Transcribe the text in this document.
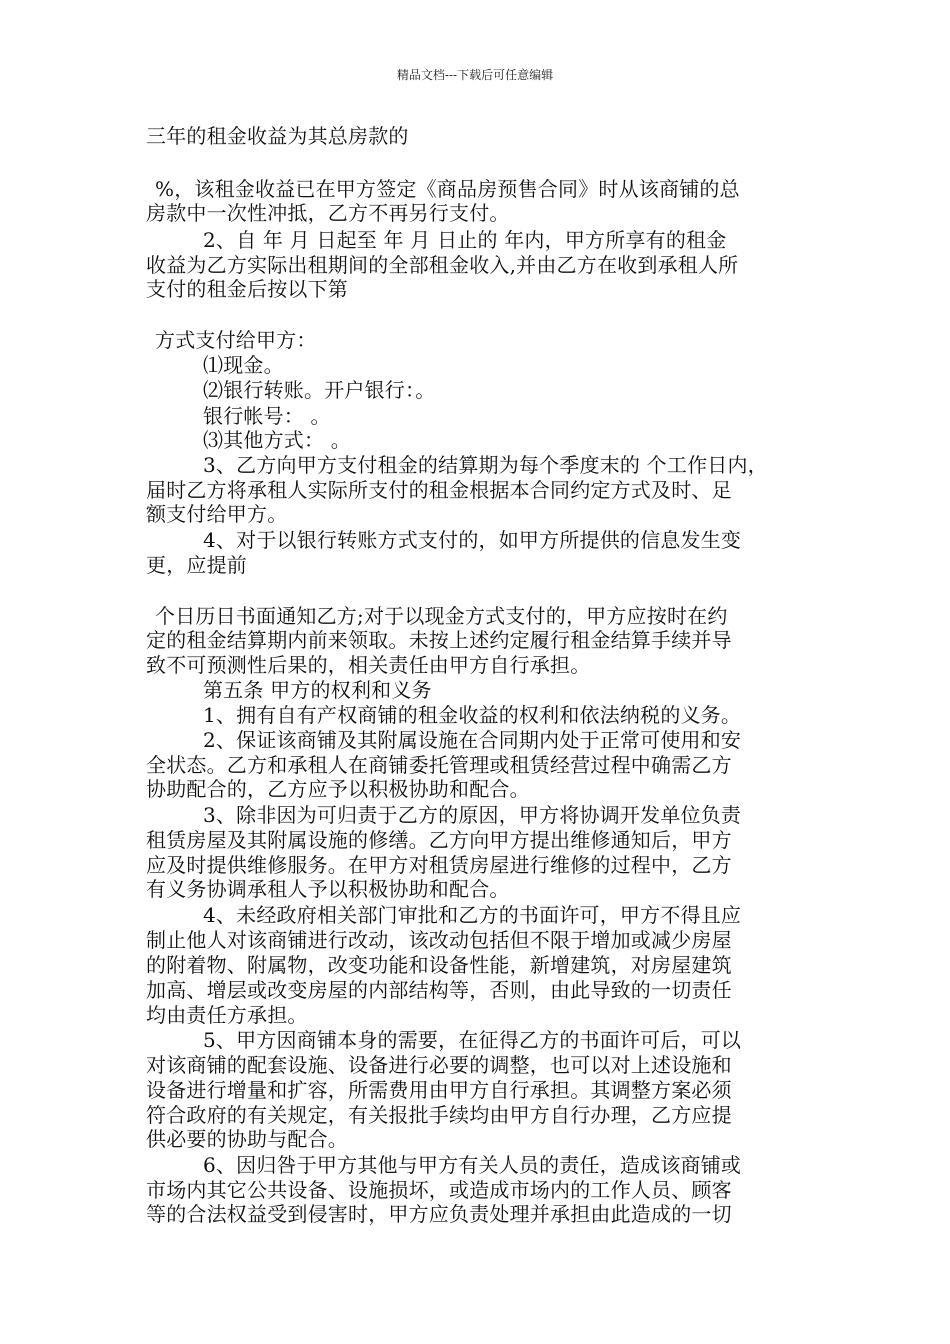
精品文档---下载后可任意编辑
三年的租金收益为其总房款的
%，该租金收益已在甲方签定《商品房预售合同》时从该商铺的总
房款中一次性冲抵，乙方不再另行支付。
2、自 年 月 日起至 年 月 日止的 年内，甲方所享有的租金
收益为乙方实际出租期间的全部租金收入,并由乙方在收到承租人所
支付的租金后按以下第
方式支付给甲方：
⑴现金。
⑵银行转账。开户银行：。
银行帐号： 。
⑶其他方式： 。
3、乙方向甲方支付租金的结算期为每个季度末的 个工作日内，
届时乙方将承租人实际所支付的租金根据本合同约定方式及时、足
额支付给甲方。
4、对于以银行转账方式支付的，如甲方所提供的信息发生变
更，应提前
个日历日书面通知乙方;对于以现金方式支付的，甲方应按时在约
定的租金结算期内前来领取。未按上述约定履行租金结算手续并导
致不可预测性后果的，相关责任由甲方自行承担。
第五条 甲方的权利和义务
1、拥有自有产权商铺的租金收益的权利和依法纳税的义务。
2、保证该商铺及其附属设施在合同期内处于正常可使用和安
全状态。乙方和承租人在商铺委托管理或租赁经营过程中确需乙方
协助配合的，乙方应予以积极协助和配合。
3、除非因为可归责于乙方的原因，甲方将协调开发单位负责
租赁房屋及其附属设施的修缮。乙方向甲方提出维修通知后，甲方
应及时提供维修服务。在甲方对租赁房屋进行维修的过程中，乙方
有义务协调承租人予以积极协助和配合。
4、未经政府相关部门审批和乙方的书面许可，甲方不得且应
制止他人对该商铺进行改动，该改动包括但不限于增加或减少房屋
的附着物、附属物，改变功能和设备性能，新增建筑，对房屋建筑
加高、增层或改变房屋的内部结构等，否则，由此导致的一切责任
均由责任方承担。
5、甲方因商铺本身的需要，在征得乙方的书面许可后，可以
对该商铺的配套设施、设备进行必要的调整，也可以对上述设施和
设备进行增量和扩容，所需费用由甲方自行承担。其调整方案必须
符合政府的有关规定，有关报批手续均由甲方自行办理，乙方应提
供必要的协助与配合。
6、因归咎于甲方其他与甲方有关人员的责任，造成该商铺或
市场内其它公共设备、设施损坏，或造成市场内的工作人员、顾客
等的合法权益受到侵害时，甲方应负责处理并承担由此造成的一切
